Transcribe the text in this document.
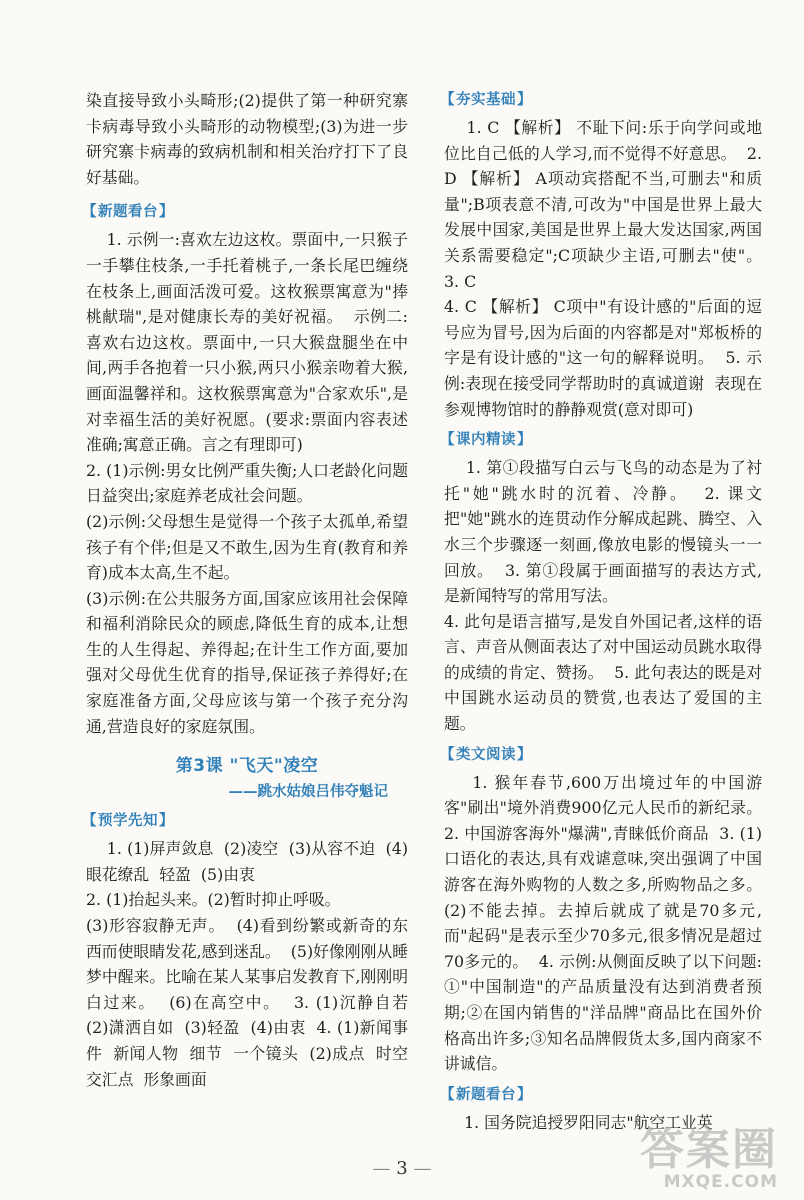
染直接导致小头畸形;(2)提供了第一种研究寨卡病毒导致小头畸形的动物模型;(3)为进一步研究寨卡病毒的致病机制和相关治疗打下了良好基础。

【 新题看台 】

1. 示例一:喜欢左边这枚。票面中,一只猴子一手攀住枝条,一手托着桃子,一条长尾巴缠绕在枝条上,画面活泼可爱。这枚猴票寓意为"捧桃献瑞",是对健康长寿的美好祝福。  示例二:喜欢右边这枚。票面中,一只大猴盘腿坐在中间,两手各抱着一只小猴,两只小猴亲吻着大猴,画面温馨祥和。这枚猴票寓意为"合家欢乐",是对幸福生活的美好祝愿。(要求:票面内容表述准确;寓意正确。言之有理即可)

2. (1)示例:男女比例严重失衡;人口老龄化问题日益突出;家庭养老成社会问题。

(2)示例:父母想生是觉得一个孩子太孤单,希望孩子有个伴;但是又不敢生,因为生育(教育和养育)成本太高,生不起。

(3)示例:在公共服务方面,国家应该用社会保障和福利消除民众的顾虑,降低生育的成本,让想生的人生得起、养得起;在计生工作方面,要加强对父母优生优育的指导,保证孩子养得好;在家庭准备方面,父母应该与第一个孩子充分沟通,营造良好的家庭氛围。

第3课 "飞天"凌空
——跳水姑娘吕伟夺魁记
【 预学先知 】

1. (1)屏声敛息  (2)凌空  (3)从容不迫  (4)眼花缭乱  轻盈  (5)由衷

2. (1)抬起头来。(2)暂时抑止呼吸。

(3)形容寂静无声。  (4)看到纷繁或新奇的东西而使眼睛发花,感到迷乱。  (5)好像刚刚从睡梦中醒来。比喻在某人某事启发教育下,刚刚明白过来。  (6)在高空中。  3. (1)沉静自若  (2)潇洒自如  (3)轻盈  (4)由衷  4. (1)新闻事件  新闻人物  细节  一个镜头  (2)成点  时空交汇点  形象画面

【 夯实基础 】

1. C 【解析】 不耻下问:乐于向学问或地位比自己低的人学习,而不觉得不好意思。  2. D 【解析】 A项动宾搭配不当,可删去"和质量";B项表意不清,可改为"中国是世界上最大发展中国家,美国是世界上最大发达国家,两国关系需要稳定";C项缺少主语,可删去"使"。  3. C

4. C 【解析】 C项中"有设计感的"后面的逗号应为冒号,因为后面的内容都是对"郑板桥的字是有设计感的"这一句的解释说明。  5. 示例:表现在接受同学帮助时的真诚道谢  表现在参观博物馆时的静静观赏(意对即可)

【 课内精读 】

1. 第①段描写白云与飞鸟的动态是为了衬托"她"跳水时的沉着、冷静。  2. 课文把"她"跳水的连贯动作分解成起跳、腾空、入水三个步骤逐一刻画,像放电影的慢镜头一一回放。  3. 第①段属于画面描写的表达方式,是新闻特写的常用写法。

4. 此句是语言描写,是发自外国记者,这样的语言、声音从侧面表达了对中国运动员跳水取得的成绩的肯定、赞扬。  5. 此句表达的既是对中国跳水运动员的赞赏,也表达了爱国的主题。

【 类文阅读 】

1. 猴年春节,600万出境过年的中国游客"刷出"境外消费900亿元人民币的新纪录。  2. 中国游客海外"爆满",青睐低价商品  3. (1)口语化的表达,具有戏谑意味,突出强调了中国游客在海外购物的人数之多,所购物品之多。(2)不能去掉。去掉后就成了就是70多元,而"起码"是表示至少70多元,很多情况是超过70多元的。  4. 示例:从侧面反映了以下问题:①"中国制造"的产品质量没有达到消费者预期;②在国内销售的"洋品牌"商品比在国外价格高出许多;③知名品牌假货太多,国内商家不讲诚信。

【 新题看台 】

1. 国务院追授罗阳同志"航空工业英

— 3 —	答案圈
MXQE.COM
